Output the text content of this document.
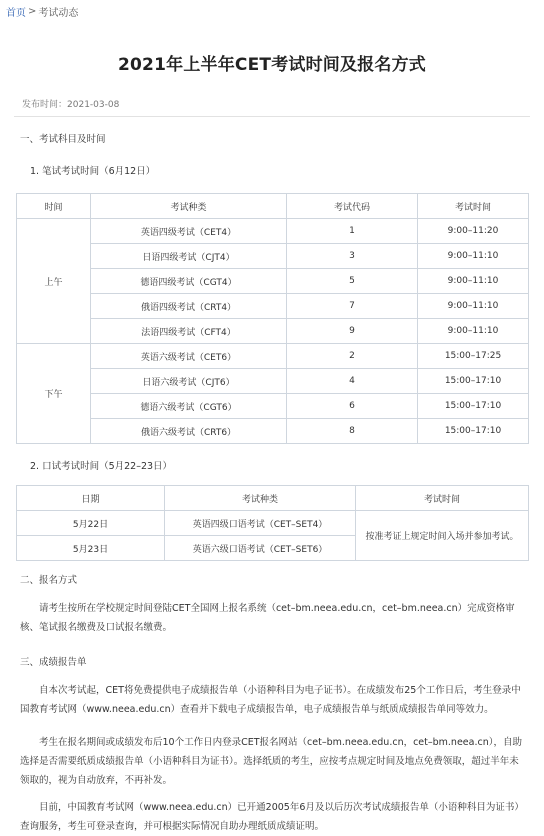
首页 > 考试动态
2021年上半年CET考试时间及报名方式
发布时间：2021-03-08
一、考试科目及时间
1. 笔试考试时间（6月12日）
时间	考试种类	考试代码	考试时间
上午	英语四级考试（CET4）	1	9:00–11:20
	日语四级考试（CJT4）	3	9:00–11:10
	德语四级考试（CGT4）	5	9:00–11:10
	俄语四级考试（CRT4）	7	9:00–11:10
	法语四级考试（CFT4）	9	9:00–11:10
下午	英语六级考试（CET6）	2	15:00–17:25
	日语六级考试（CJT6）	4	15:00–17:10
	德语六级考试（CGT6）	6	15:00–17:10
	俄语六级考试（CRT6）	8	15:00–17:10
2. 口试考试时间（5月22–23日）
日期	考试种类	考试时间
5月22日	英语四级口语考试（CET–SET4）	按准考证上规定时间入场并参加考试。
5月23日	英语六级口语考试（CET–SET6）	
二、报名方式
请考生按所在学校规定时间登陆CET全国网上报名系统（cet–bm.neea.edu.cn，cet–bm.neea.cn）完成资格审核、笔试报名缴费及口试报名缴费。
三、成绩报告单
自本次考试起，CET将免费提供电子成绩报告单（小语种科目为电子证书）。在成绩发布25个工作日后，考生登录中国教育考试网（www.neea.edu.cn）查看并下载电子成绩报告单，电子成绩报告单与纸质成绩报告单同等效力。
考生在报名期间或成绩发布后10个工作日内登录CET报名网站（cet–bm.neea.edu.cn，cet–bm.neea.cn），自助选择是否需要纸质成绩报告单（小语种科目为证书）。选择纸质的考生，应按考点规定时间及地点免费领取，超过半年未领取的，视为自动放弃，不再补发。
目前，中国教育考试网（www.neea.edu.cn）已开通2005年6月及以后历次考试成绩报告单（小语种科目为证书）查询服务，考生可登录查询，并可根据实际情况自助办理纸质成绩证明。
